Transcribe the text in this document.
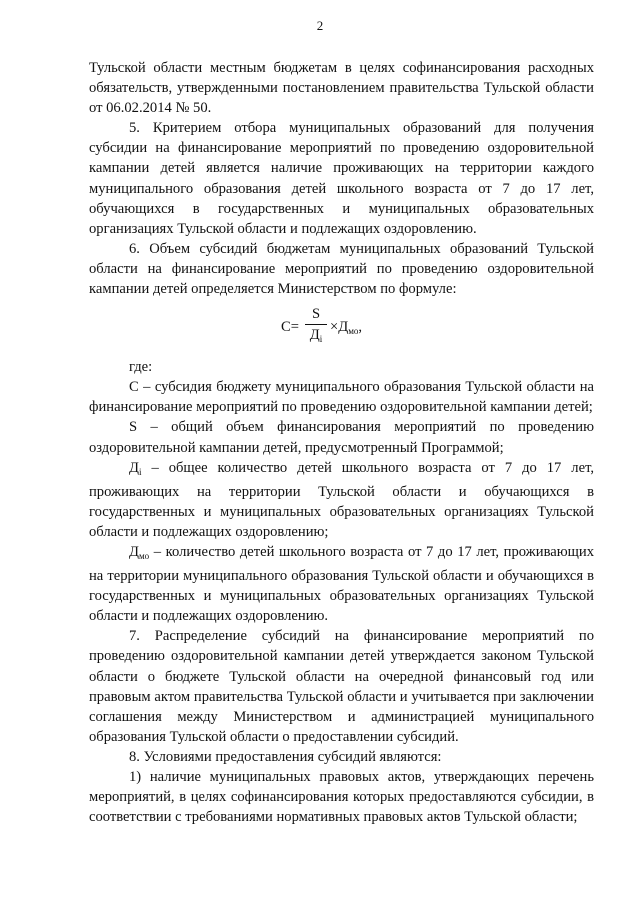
2

Тульской области местным бюджетам в целях софинансирования расходных обязательств, утвержденными постановлением правительства Тульской области от 06.02.2014 № 50.

5. Критерием отбора муниципальных образований для получения субсидии на финансирование мероприятий по проведению оздоровительной кампании детей является наличие проживающих на территории каждого муниципального образования детей школьного возраста от 7 до 17 лет, обучающихся в государственных и муниципальных образовательных организациях Тульской области и подлежащих оздоровлению.

6. Объем субсидий бюджетам муниципальных образований Тульской области на финансирование мероприятий по проведению оздоровительной кампании детей определяется Министерством по формуле:

С=
S
$Д_i$
$\times Д_{мо}$,

где:

С – субсидия бюджету муниципального образования Тульской области на финансирование мероприятий по проведению оздоровительной кампании детей;

S – общий объем финансирования мероприятий по проведению оздоровительной кампании детей, предусмотренный Программой;

$Д_i$ – общее количество детей школьного возраста от 7 до 17 лет, проживающих на территории Тульской области и обучающихся в государственных и муниципальных образовательных организациях Тульской области и подлежащих оздоровлению;

$Д_{мо}$ – количество детей школьного возраста от 7 до 17 лет, проживающих на территории муниципального образования Тульской области и обучающихся в государственных и муниципальных образовательных организациях Тульской области и подлежащих оздоровлению.

7. Распределение субсидий на финансирование мероприятий по проведению оздоровительной кампании детей утверждается законом Тульской области о бюджете Тульской области на очередной финансовый год или правовым актом правительства Тульской области и учитывается при заключении соглашения между Министерством и администрацией муниципального образования Тульской области о предоставлении субсидий.

8. Условиями предоставления субсидий являются:

1) наличие муниципальных правовых актов, утверждающих перечень мероприятий, в целях софинансирования которых предоставляются субсидии, в соответствии с требованиями нормативных правовых актов Тульской области;
